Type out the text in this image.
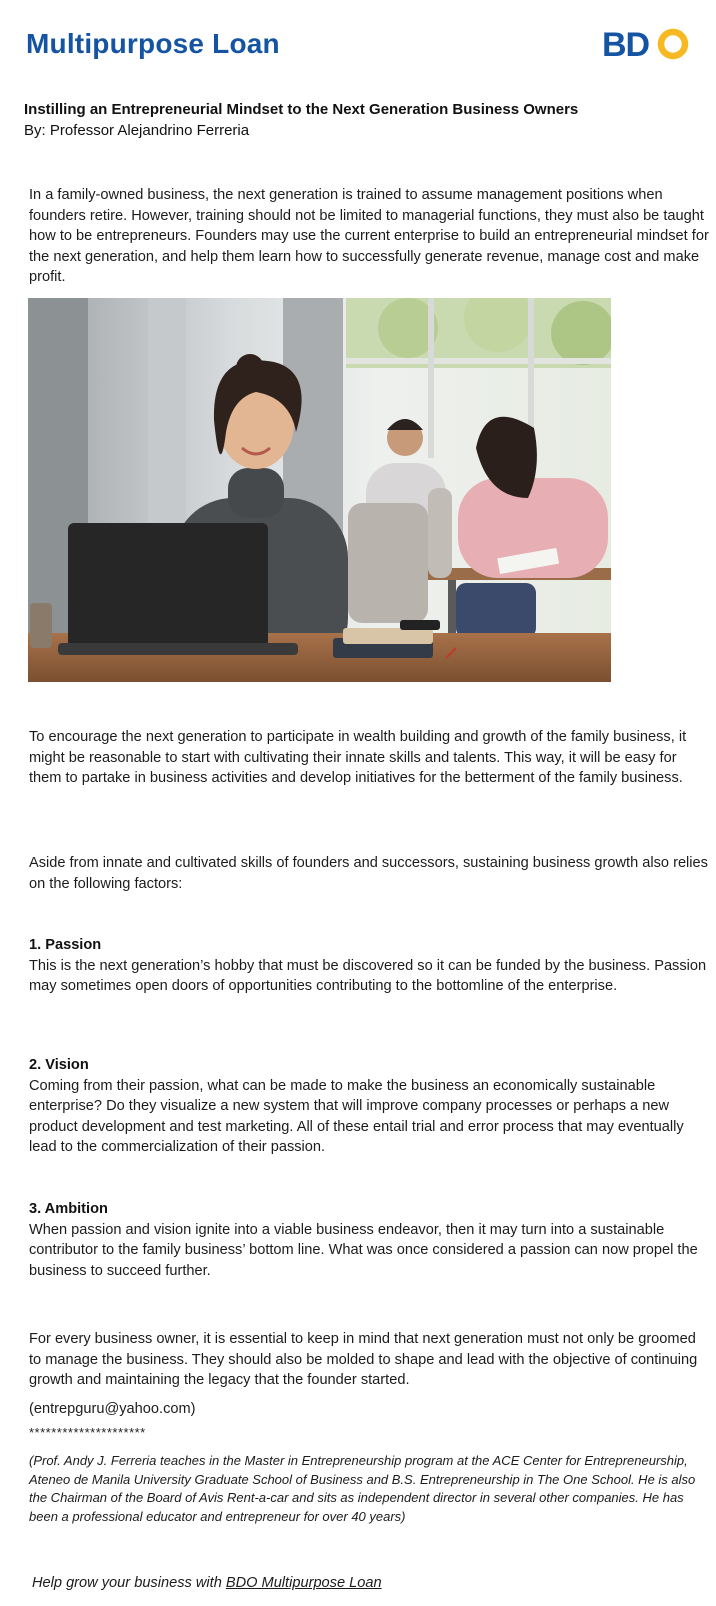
Multipurpose Loan	BD
Instilling an Entrepreneurial Mindset to the Next Generation Business Owners
By: Professor Alejandrino Ferreria

In a family-owned business, the next generation is trained to assume management positions when founders retire. However, training should not be limited to managerial functions, they must also be taught how to be entrepreneurs. Founders may use the current enterprise to build an entrepreneurial mindset for the next generation, and help them learn how to successfully generate revenue, manage cost and make profit.

To encourage the next generation to participate in wealth building and growth of the family business, it might be reasonable to start with cultivating their innate skills and talents. This way, it will be easy for them to partake in business activities and develop initiatives for the betterment of the family business.

Aside from innate and cultivated skills of founders and successors, sustaining business growth also relies on the following factors:

1. Passion
This is the next generation’s hobby that must be discovered so it can be funded by the business. Passion may sometimes open doors of opportunities contributing to the bottomline of the enterprise.
2. Vision
Coming from their passion, what can be made to make the business an economically sustainable enterprise? Do they visualize a new system that will improve company processes or perhaps a new product development and test marketing. All of these entail trial and error process that may eventually lead to the commercialization of their passion.
3. Ambition
When passion and vision ignite into a viable business endeavor, then it may turn into a sustainable contributor to the family business’ bottom line. What was once considered a passion can now propel the business to succeed further.

For every business owner, it is essential to keep in mind that next generation must not only be groomed to manage the business. They should also be molded to shape and lead with the objective of continuing growth and maintaining the legacy that the founder started.

(entrepguru@yahoo.com)

*********************

(Prof. Andy J. Ferreria teaches in the Master in Entrepreneurship program at the ACE Center for Entrepreneurship, Ateneo de Manila University Graduate School of Business and B.S. Entrepreneurship in The One School. He is also the Chairman of the Board of Avis Rent-a-car and sits as independent director in several other companies. He has been a professional educator and entrepreneur for over 40 years)

Help grow your business with BDO Multipurpose Loan
